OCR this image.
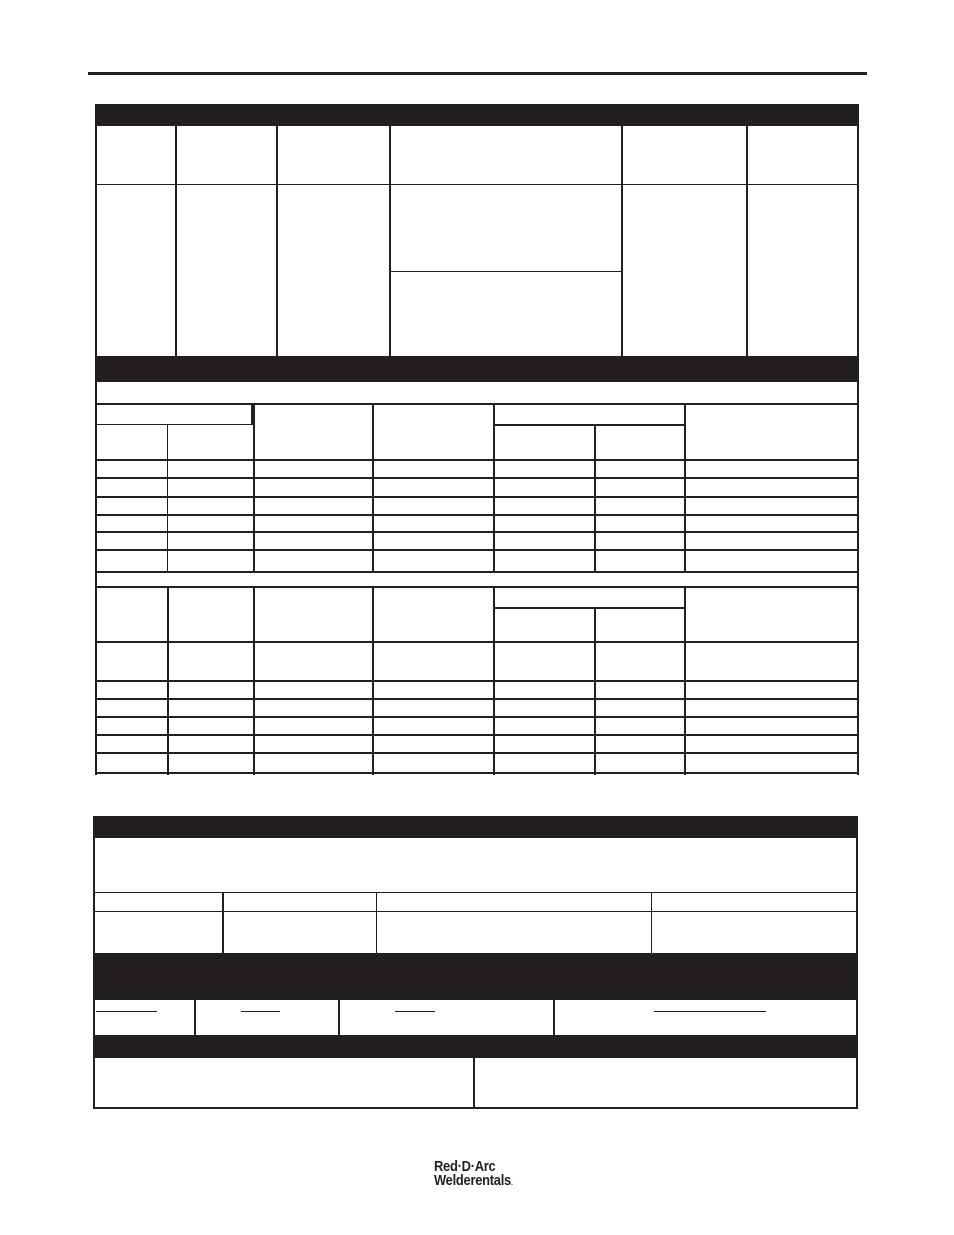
Red·D·Arc
Welderentals.
